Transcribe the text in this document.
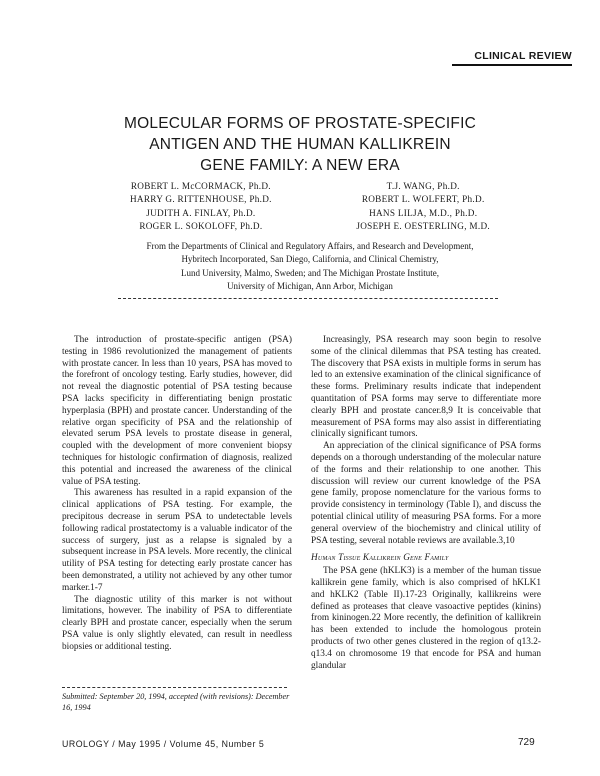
CLINICAL REVIEW
MOLECULAR FORMS OF PROSTATE-SPECIFIC
ANTIGEN AND THE HUMAN KALLIKREIN
GENE FAMILY: A NEW ERA
ROBERT L. McCORMACK, Ph.D.
HARRY G. RITTENHOUSE, Ph.D.
JUDITH A. FINLAY, Ph.D.
ROGER L. SOKOLOFF, Ph.D.
T.J. WANG, Ph.D.
ROBERT L. WOLFERT, Ph.D.
HANS LILJA, M.D., Ph.D.
JOSEPH E. OESTERLING, M.D.
From the Departments of Clinical and Regulatory Affairs, and Research and Development,
Hybritech Incorporated, San Diego, California, and Clinical Chemistry,
Lund University, Malmo, Sweden; and The Michigan Prostate Institute,
University of Michigan, Ann Arbor, Michigan

The introduction of prostate-specific antigen (PSA) testing in 1986 revolutionized the management of patients with prostate cancer. In less than 10 years, PSA has moved to the forefront of oncology testing. Early studies, however, did not reveal the diagnostic potential of PSA testing because PSA lacks specificity in differentiating benign prostatic hyperplasia (BPH) and prostate cancer. Understanding of the relative organ specificity of PSA and the relationship of elevated serum PSA levels to prostate disease in general, coupled with the development of more convenient biopsy techniques for histologic confirmation of diagnosis, realized this potential and increased the awareness of the clinical value of PSA testing.

This awareness has resulted in a rapid expansion of the clinical applications of PSA testing. For example, the precipitous decrease in serum PSA to undetectable levels following radical prostatectomy is a valuable indicator of the success of surgery, just as a relapse is signaled by a subsequent increase in PSA levels. More recently, the clinical utility of PSA testing for detecting early prostate cancer has been demonstrated, a utility not achieved by any other tumor marker.1-7

The diagnostic utility of this marker is not without limitations, however. The inability of PSA to differentiate clearly BPH and prostate cancer, especially when the serum PSA value is only slightly elevated, can result in needless biopsies or additional testing.

Increasingly, PSA research may soon begin to resolve some of the clinical dilemmas that PSA testing has created. The discovery that PSA exists in multiple forms in serum has led to an extensive examination of the clinical significance of these forms. Preliminary results indicate that independent quantitation of PSA forms may serve to differentiate more clearly BPH and prostate cancer.8,9 It is conceivable that measurement of PSA forms may also assist in differentiating clinically significant tumors.

An appreciation of the clinical significance of PSA forms depends on a thorough understanding of the molecular nature of the forms and their relationship to one another. This discussion will review our current knowledge of the PSA gene family, propose nomenclature for the various forms to provide consistency in terminology (Table I), and discuss the potential clinical utility of measuring PSA forms. For a more general overview of the biochemistry and clinical utility of PSA testing, several notable reviews are available.3,10

Human Tissue Kallikrein Gene Family

The PSA gene (hKLK3) is a member of the human tissue kallikrein gene family, which is also comprised of hKLK1 and hKLK2 (Table II).17-23 Originally, kallikreins were defined as proteases that cleave vasoactive peptides (kinins) from kininogen.22 More recently, the definition of kallikrein has been extended to include the homologous protein products of two other genes clustered in the region of q13.2-q13.4 on chromosome 19 that encode for PSA and human glandular

Submitted: September 20, 1994, accepted (with revisions): December 16, 1994
UROLOGY / May 1995 / Volume 45, Number 5	729
